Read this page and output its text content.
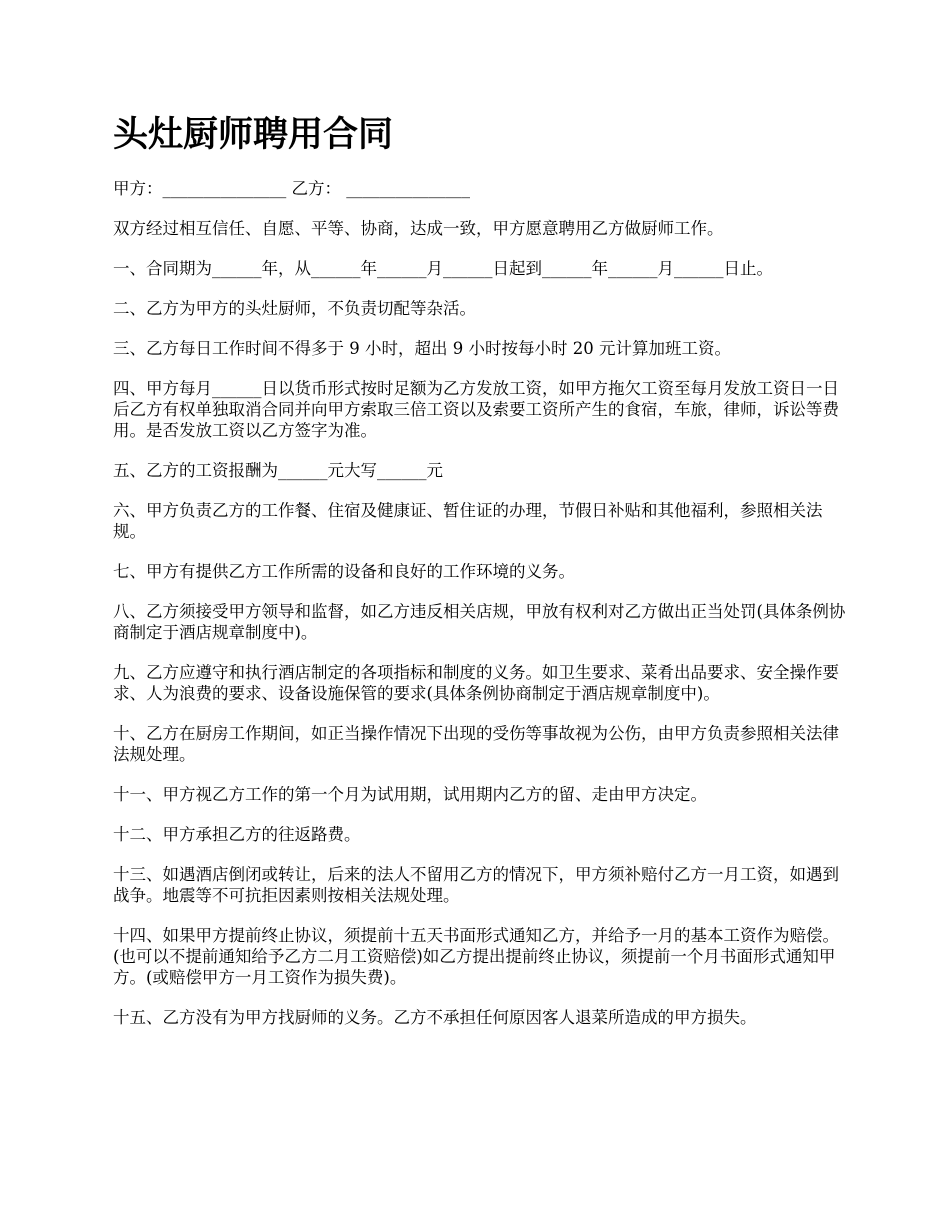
头灶厨师聘用合同

甲方：_______________ 乙方： _______________

双方经过相互信任、自愿、平等、协商，达成一致，甲方愿意聘用乙方做厨师工作。

一、合同期为______年，从______年______月______日起到______年______月______日止。

二、乙方为甲方的头灶厨师，不负责切配等杂活。

三、乙方每日工作时间不得多于 9 小时，超出 9 小时按每小时 20 元计算加班工资。

四、甲方每月______日以货币形式按时足额为乙方发放工资，如甲方拖欠工资至每月发放工资日一日后乙方有权单独取消合同并向甲方索取三倍工资以及索要工资所产生的食宿，车旅，律师，诉讼等费用。是否发放工资以乙方签字为准。

五、乙方的工资报酬为______元大写______元

六、甲方负责乙方的工作餐、住宿及健康证、暂住证的办理，节假日补贴和其他福利，参照相关法规。

七、甲方有提供乙方工作所需的设备和良好的工作环境的义务。

八、乙方须接受甲方领导和监督，如乙方违反相关店规，甲放有权利对乙方做出正当处罚(具体条例协商制定于酒店规章制度中)。

九、乙方应遵守和执行酒店制定的各项指标和制度的义务。如卫生要求、菜肴出品要求、安全操作要求、人为浪费的要求、设备设施保管的要求(具体条例协商制定于酒店规章制度中)。

十、乙方在厨房工作期间，如正当操作情况下出现的受伤等事故视为公伤，由甲方负责参照相关法律法规处理。

十一、甲方视乙方工作的第一个月为试用期，试用期内乙方的留、走由甲方决定。

十二、甲方承担乙方的往返路费。

十三、如遇酒店倒闭或转让，后来的法人不留用乙方的情况下，甲方须补赔付乙方一月工资，如遇到战争。地震等不可抗拒因素则按相关法规处理。

十四、如果甲方提前终止协议，须提前十五天书面形式通知乙方，并给予一月的基本工资作为赔偿。(也可以不提前通知给予乙方二月工资赔偿)如乙方提出提前终止协议，须提前一个月书面形式通知甲方。(或赔偿甲方一月工资作为损失费)。

十五、乙方没有为甲方找厨师的义务。乙方不承担任何原因客人退菜所造成的甲方损失。
